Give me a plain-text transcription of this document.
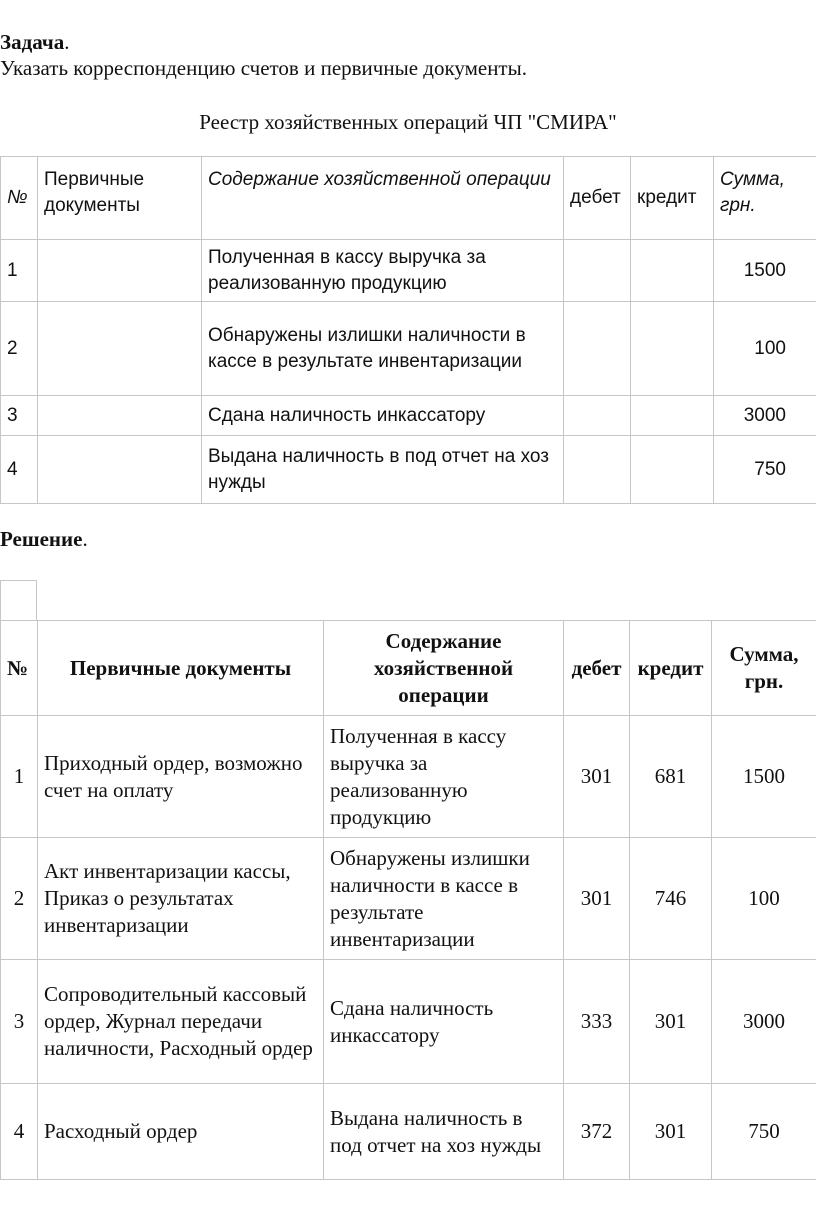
Задача.
Указать корреспонденцию счетов и первичные документы.
Реестр хозяйственных операций ЧП "СМИРА"
№	Первичные документы	Содержание хозяйственной операции	дебет	кредит	Сумма, грн.
1		Полученная в кассу выручка за реализованную продукцию			1500
2		Обнаружены излишки наличности в кассе в результате инвентаризации			100
3		Сдана наличность инкассатору			3000
4		Выдана наличность в под отчет на хоз нужды			750
Решение.
№	Первичные документы	Содержание хозяйственной операции	дебет	кредит	Сумма, грн.
1	Приходный ордер, возможно счет на оплату	Полученная в кассу выручка за реализованную продукцию	301	681	1500
2	Акт инвентаризации кассы, Приказ о результатах инвентаризации	Обнаружены излишки наличности в кассе в результате инвентаризации	301	746	100
3	Сопроводительный кассовый ордер, Журнал передачи наличности, Расходный ордер	Сдана наличность инкассатору	333	301	3000
4	Расходный ордер	Выдана наличность в под отчет на хоз нужды	372	301	750
